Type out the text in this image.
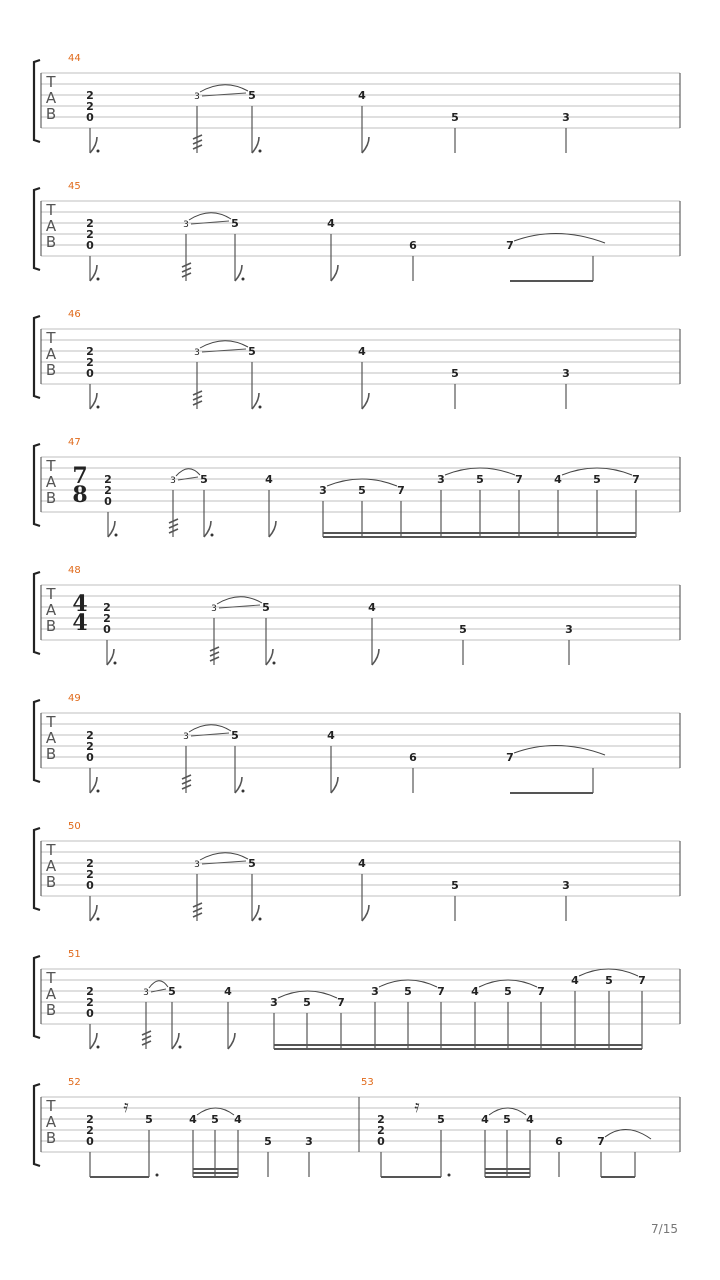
T
A
B
44
2
2
0
3	5	4
5	3
T
A
B
45
2
2
0
3	5	4
6	7
T
A
B
46
2
2
0
3	5	4
5	3
T
A
B
47
7
8
2
2
0
3 5	4
3	5	7
3	5	7	4	5	7
T
A
B
48
4
4
2
2
0
3	5	4
5	3
T
A
B
49
2
2
0
3	5	4
6	7
T
A
B
50
2
2
0
3	5	4
5	3
T
A
B
51
2
2
0
3 5	4
3 5 7
3 5 7 4 5 7
4 5 7
T
A
B
52
2
2
0
𝄿
5	4 5 4
5	3
53
2
2
0
𝄿
5	4 5 4
6	7
7/15
